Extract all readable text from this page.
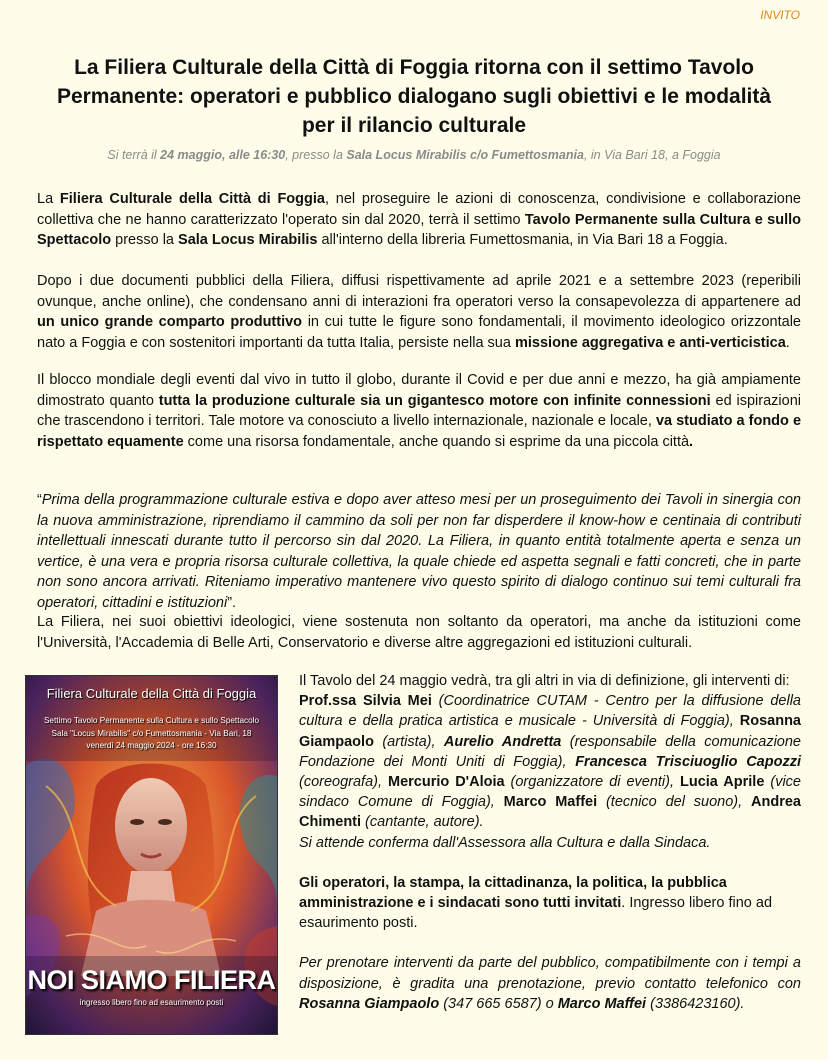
INVITO
La Filiera Culturale della Città di Foggia ritorna con il settimo Tavolo Permanente: operatori e pubblico dialogano sugli obiettivi e le modalità per il rilancio culturale
Si terrà il 24 maggio, alle 16:30, presso la Sala Locus Mirabilis c/o Fumettosmania, in Via Bari 18, a Foggia

La Filiera Culturale della Città di Foggia, nel proseguire le azioni di conoscenza, condivisione e collaborazione collettiva che ne hanno caratterizzato l'operato sin dal 2020, terrà il settimo Tavolo Permanente sulla Cultura e sullo Spettacolo presso la Sala Locus Mirabilis all'interno della libreria Fumettosmania, in Via Bari 18 a Foggia.

Dopo i due documenti pubblici della Filiera, diffusi rispettivamente ad aprile 2021 e a settembre 2023 (reperibili ovunque, anche online), che condensano anni di interazioni fra operatori verso la consapevolezza di appartenere ad un unico grande comparto produttivo in cui tutte le figure sono fondamentali, il movimento ideologico orizzontale nato a Foggia e con sostenitori importanti da tutta Italia, persiste nella sua missione aggregativa e anti-verticistica.

Il blocco mondiale degli eventi dal vivo in tutto il globo, durante il Covid e per due anni e mezzo, ha già ampiamente dimostrato quanto tutta la produzione culturale sia un gigantesco motore con infinite connessioni ed ispirazioni che trascendono i territori. Tale motore va conosciuto a livello internazionale, nazionale e locale, va studiato a fondo e rispettato equamente come una risorsa fondamentale, anche quando si esprime da una piccola città.

“Prima della programmazione culturale estiva e dopo aver atteso mesi per un proseguimento dei Tavoli in sinergia con la nuova amministrazione, riprendiamo il cammino da soli per non far disperdere il know-how e centinaia di contributi intellettuali innescati durante tutto il percorso sin dal 2020. La Filiera, in quanto entità totalmente aperta e senza un vertice, è una vera e propria risorsa culturale collettiva, la quale chiede ed aspetta segnali e fatti concreti, che in parte non sono ancora arrivati. Riteniamo imperativo mantenere vivo questo spirito di dialogo continuo sui temi culturali fra operatori, cittadini e istituzioni”.

La Filiera, nei suoi obiettivi ideologici, viene sostenuta non soltanto da operatori, ma anche da istituzioni come l'Università, l'Accademia di Belle Arti, Conservatorio e diverse altre aggregazioni ed istituzioni culturali.

Filiera Culturale della Città di Foggia
Settimo Tavolo Permanente sulla Cultura e sullo Spettacolo
Sala "Locus Mirabilis" c/o Fumettosmania - Via Bari, 18
venerdì 24 maggio 2024 - ore 16:30
NOI SIAMO FILIERA
ingresso libero fino ad esaurimento posti

Il Tavolo del 24 maggio vedrà, tra gli altri in via di definizione, gli interventi di:

Prof.ssa Silvia Mei (Coordinatrice CUTAM - Centro per la diffusione della cultura e della pratica artistica e musicale - Università di Foggia), Rosanna Giampaolo (artista), Aurelio Andretta (responsabile della comunicazione Fondazione dei Monti Uniti di Foggia), Francesca Trisciuoglio Capozzi (coreografa), Mercurio D'Aloia (organizzatore di eventi), Lucia Aprile (vice sindaco Comune di Foggia), Marco Maffei (tecnico del suono), Andrea Chimenti (cantante, autore).

Si attende conferma dall'Assessora alla Cultura e dalla Sindaca.

Gli operatori, la stampa, la cittadinanza, la politica, la pubblica amministrazione e i sindacati sono tutti invitati. Ingresso libero fino ad esaurimento posti.

Per prenotare interventi da parte del pubblico, compatibilmente con i tempi a disposizione, è gradita una prenotazione, previo contatto telefonico con Rosanna Giampaolo (347 665 6587) o Marco Maffei (3386423160).
